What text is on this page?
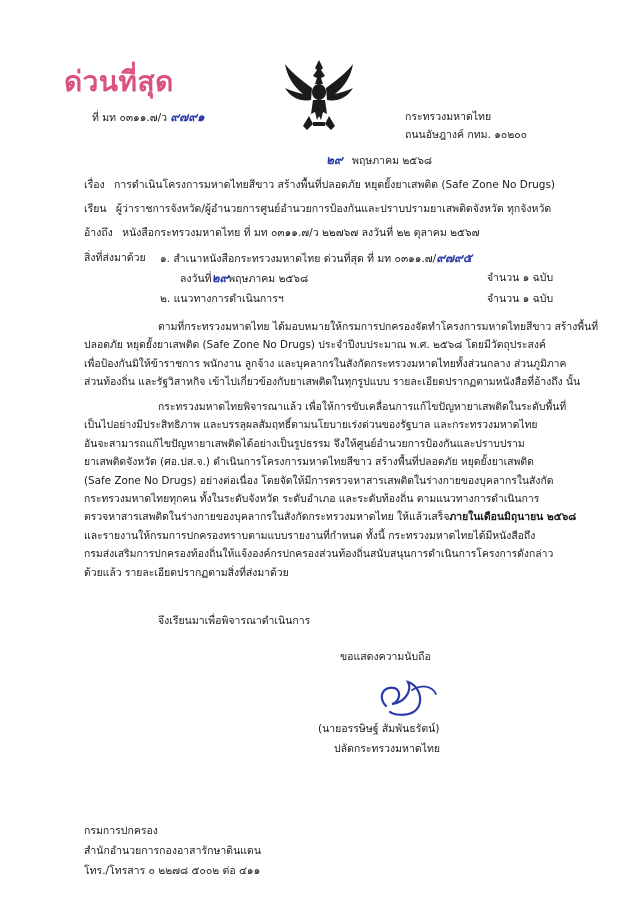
ด่วนที่สุด
ที่ มท ๐๓๑๑.๗/ว ๙๗๙๑	กระทรวงมหาดไทย
ถนนอัษฎางค์ กทม. ๑๐๒๐๐
๒๙ พฤษภาคม ๒๕๖๘
เรื่อง การดำเนินโครงการมหาดไทยสีขาว สร้างพื้นที่ปลอดภัย หยุดยั้งยาเสพติด (Safe Zone No Drugs)
เรียน ผู้ว่าราชการจังหวัด/ผู้อำนวยการศูนย์อำนวยการป้องกันและปราบปรามยาเสพติดจังหวัด ทุกจังหวัด
อ้างถึง หนังสือกระทรวงมหาดไทย ที่ มท ๐๓๑๑.๗/ว ๒๒๗๖๗ ลงวันที่ ๒๒ ตุลาคม ๒๕๖๗
สิ่งที่ส่งมาด้วย ๑. สำเนาหนังสือกระทรวงมหาดไทย ด่วนที่สุด ที่ มท ๐๓๑๑.๗/๙๗๙๕
ลงวันที่๒๙พฤษภาคม ๒๕๖๘	จำนวน ๑ ฉบับ
๒. แนวทางการดำเนินการฯ	จำนวน ๑ ฉบับ
ตามที่กระทรวงมหาดไทย ได้มอบหมายให้กรมการปกครองจัดทำโครงการมหาดไทยสีขาว สร้างพื้นที่
ปลอดภัย หยุดยั้งยาเสพติด (Safe Zone No Drugs) ประจำปีงบประมาณ พ.ศ. ๒๕๖๘ โดยมีวัตถุประสงค์
เพื่อป้องกันมิให้ข้าราชการ พนักงาน ลูกจ้าง และบุคลากรในสังกัดกระทรวงมหาดไทยทั้งส่วนกลาง ส่วนภูมิภาค
ส่วนท้องถิ่น และรัฐวิสาหกิจ เข้าไปเกี่ยวข้องกับยาเสพติดในทุกรูปแบบ รายละเอียดปรากฏตามหนังสือที่อ้างถึง นั้น
กระทรวงมหาดไทยพิจารณาแล้ว เพื่อให้การขับเคลื่อนการแก้ไขปัญหายาเสพติดในระดับพื้นที่
เป็นไปอย่างมีประสิทธิภาพ และบรรลุผลสัมฤทธิ์ตามนโยบายเร่งด่วนของรัฐบาล และกระทรวงมหาดไทย
อันจะสามารถแก้ไขปัญหายาเสพติดได้อย่างเป็นรูปธรรม จึงให้ศูนย์อำนวยการป้องกันและปราบปราม
ยาเสพติดจังหวัด (ศอ.ปส.จ.) ดำเนินการโครงการมหาดไทยสีขาว สร้างพื้นที่ปลอดภัย หยุดยั้งยาเสพติด
(Safe Zone No Drugs) อย่างต่อเนื่อง โดยจัดให้มีการตรวจหาสารเสพติดในร่างกายของบุคลากรในสังกัด
กระทรวงมหาดไทยทุกคน ทั้งในระดับจังหวัด ระดับอำเภอ และระดับท้องถิ่น ตามแนวทางการดำเนินการ
ตรวจหาสารเสพติดในร่างกายของบุคลากรในสังกัดกระทรวงมหาดไทย ให้แล้วเสร็จภายในเดือนมิถุนายน ๒๕๖๘
และรายงานให้กรมการปกครองทราบตามแบบรายงานที่กำหนด ทั้งนี้ กระทรวงมหาดไทยได้มีหนังสือถึง
กรมส่งเสริมการปกครองท้องถิ่นให้แจ้งองค์กรปกครองส่วนท้องถิ่นสนับสนุนการดำเนินการโครงการดังกล่าว
ด้วยแล้ว รายละเอียดปรากฏตามสิ่งที่ส่งมาด้วย
จึงเรียนมาเพื่อพิจารณาดำเนินการ
ขอแสดงความนับถือ
(นายอรรษิษฐ์ สัมพันธรัตน์)
ปลัดกระทรวงมหาดไทย
กรมการปกครอง
สำนักอำนวยการกองอาสารักษาดินแดน
โทร./โทรสาร ๐ ๒๒๗๘ ๕๐๐๒ ต่อ ๔๑๑
